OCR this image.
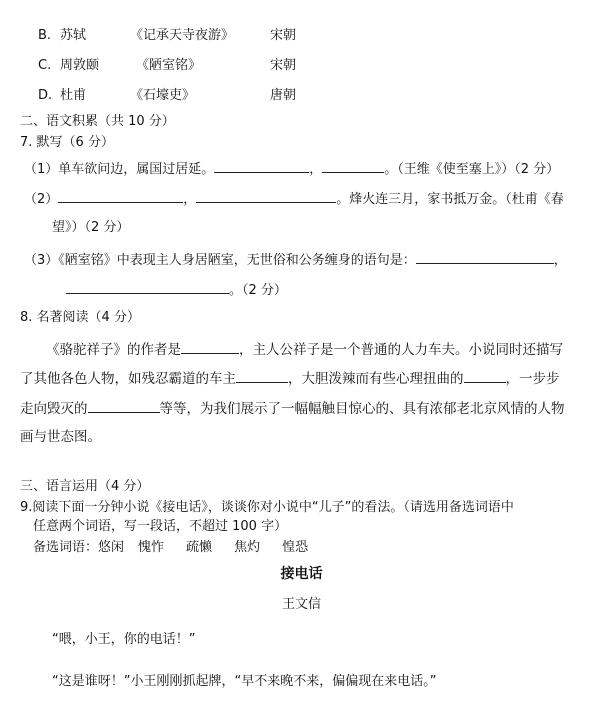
B. 苏轼	《记承天寺夜游》	宋朝
C. 周敦颐	《陋室铭》	宋朝
D. 杜甫	《石壕吏》	唐朝
二、语文积累（共 10 分）
7. 默写（6 分）
（1）单车欲问边，属国过居延。	，	。（王维《使至塞上》）（2 分）
（2）	，	。烽火连三月，家书抵万金。（杜甫《春
望》）（2 分）
（3）《陋室铭》中表现主人身居陋室，无世俗和公务缠身的语句是：	，
。（2 分）
8. 名著阅读（4 分）
《骆驼祥子》的作者是	，主人公祥子是一个普通的人力车夫。小说同时还描写
了其他各色人物，如残忍霸道的车主	，大胆泼辣而有些心理扭曲的	，一步步
走向毁灭的	等等，为我们展示了一幅幅触目惊心的、具有浓郁老北京风情的人物
画与世态图。
三、语言运用（4 分）
9.阅读下面一分钟小说《接电话》，谈谈你对小说中“儿子”的看法。（请选用备选词语中
任意两个词语，写一段话，不超过 100 字）
备选词语：悠闲 愧怍 疏懒 焦灼 惶恐
接电话
王文信
“喂，小王，你的电话！”
“这是谁呀！”小王刚刚抓起牌，“早不来晚不来，偏偏现在来电话。”
